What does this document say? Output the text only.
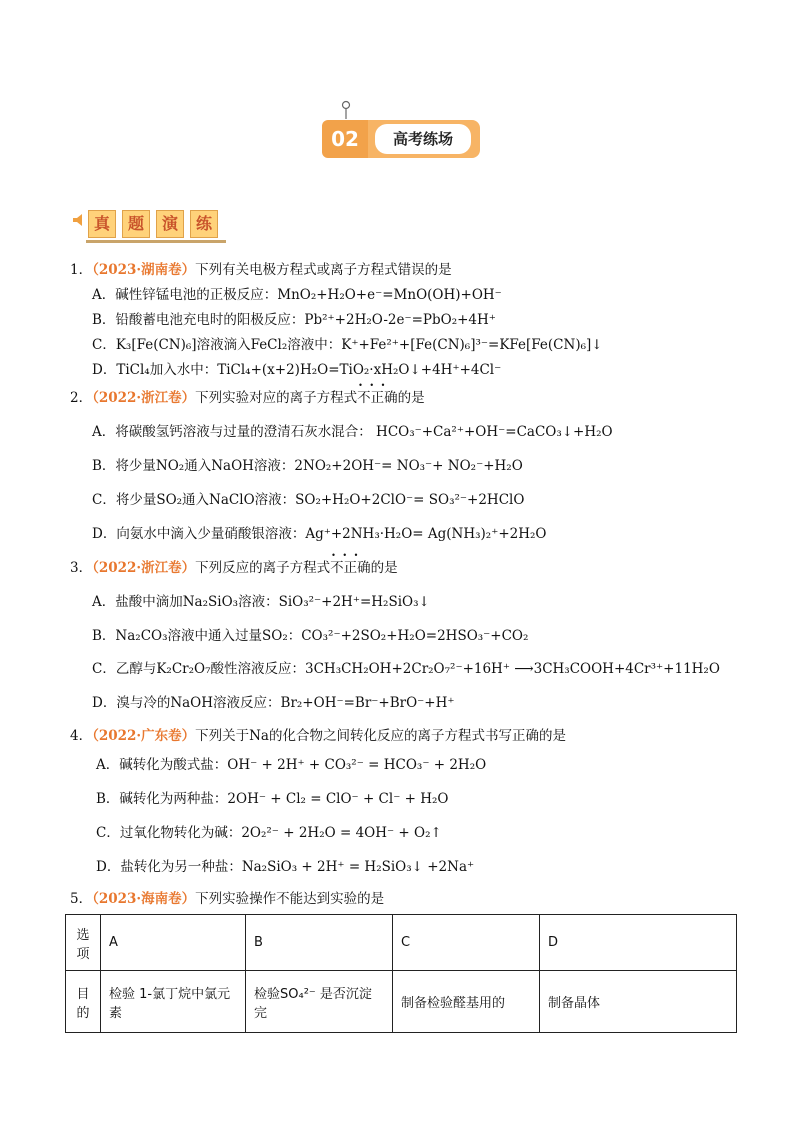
02	高考练场
真	题	演	练
1．（2023·湖南卷）下列有关电极方程式或离子方程式错误的是
A．碱性锌锰电池的正极反应：MnO₂+H₂O+e⁻=MnO(OH)+OH⁻
B．铅酸蓄电池充电时的阳极反应：Pb²⁺+2H₂O-2e⁻=PbO₂+4H⁺
C．K₃[Fe(CN)₆]溶液滴入FeCl₂溶液中：K⁺+Fe²⁺+[Fe(CN)₆]³⁻=KFe[Fe(CN)₆]↓
D．TiCl₄加入水中：TiCl₄+(x+2)H₂O=TiO₂·xH₂O↓+4H⁺+4Cl⁻
2．（2022·浙江卷）下列实验对应的离子方程式• • • 不正确的是
A．将碳酸氢钙溶液与过量的澄清石灰水混合： HCO₃⁻+Ca²⁺+OH⁻=CaCO₃↓+H₂O
B．将少量NO₂通入NaOH溶液：2NO₂+2OH⁻= NO₃⁻+ NO₂⁻+H₂O
C．将少量SO₂通入NaClO溶液：SO₂+H₂O+2ClO⁻= SO₃²⁻+2HClO
D．向氨水中滴入少量硝酸银溶液：Ag⁺+2NH₃·H₂O= Ag(NH₃)₂⁺+2H₂O
3．（2022·浙江卷）下列反应的离子方程式• • • 不正确的是
A．盐酸中滴加Na₂SiO₃溶液：SiO₃²⁻+2H⁺=H₂SiO₃↓
B．Na₂CO₃溶液中通入过量SO₂：CO₃²⁻+2SO₂+H₂O=2HSO₃⁻+CO₂
C．乙醇与K₂Cr₂O₇酸性溶液反应：3CH₃CH₂OH+2Cr₂O₇²⁻+16H⁺ ⟶3CH₃COOH+4Cr³⁺+11H₂O
D．溴与冷的NaOH溶液反应：Br₂+OH⁻=Br⁻+BrO⁻+H⁺
4．（2022·广东卷）下列关于Na的化合物之间转化反应的离子方程式书写正确的是
A．碱转化为酸式盐：OH⁻ + 2H⁺ + CO₃²⁻ = HCO₃⁻ + 2H₂O
B．碱转化为两种盐：2OH⁻ + Cl₂ = ClO⁻ + Cl⁻ + H₂O
C．过氧化物转化为碱：2O₂²⁻ + 2H₂O = 4OH⁻ + O₂↑
D．盐转化为另一种盐：Na₂SiO₃ + 2H⁺ = H₂SiO₃↓ +2Na⁺
5．（2023·海南卷）下列实验操作不能达到实验的是
选项	A	B	C	D
目的	检验 1-氯丁烷中氯元素	检验SO₄²⁻ 是否沉淀完	制备检验醛基用的	制备晶体
